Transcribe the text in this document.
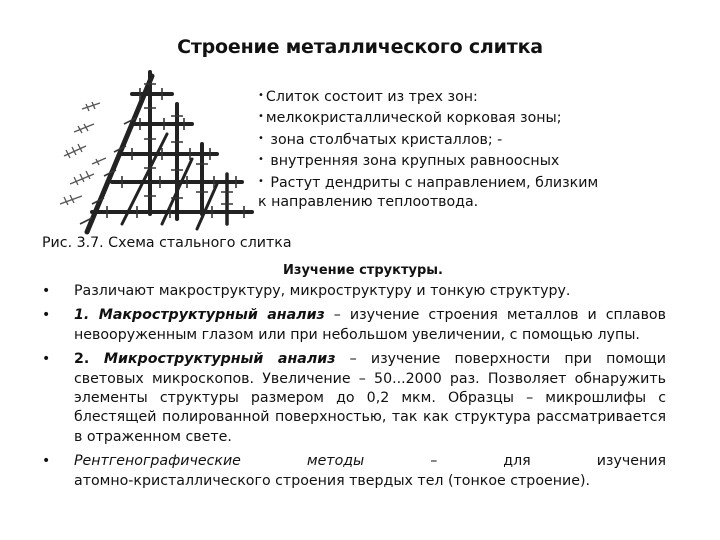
Строение металлического слитка
• Слиток состоит из трех зон:
• мелкокристаллической корковая зоны;
• зона столбчатых кристаллов; -
• внутренняя зона крупных равноосных
• Растут дендриты с направлением, близким
к направлению теплоотвода.
Рис. 3.7. Схема стального слитка
Изучение структуры.
• Различают макроструктуру, микроструктуру и тонкую структуру.
• 1. Макроструктурный анализ – изучение строения металлов и сплавов невооруженным глазом или при небольшом увеличении, с помощью лупы.
• 2. Микроструктурный анализ – изучение поверхности при помощи световых микроскопов. Увеличение – 50...2000 раз. Позволяет обнаружить элементы структуры размером до 0,2 мкм. Образцы – микрошлифы с блестящей полированной поверхностью, так как структура рассматривается в отраженном свете.
• Рентгенографические методы – для изучения
атомно-кристаллического строения твердых тел (тонкое строение).
